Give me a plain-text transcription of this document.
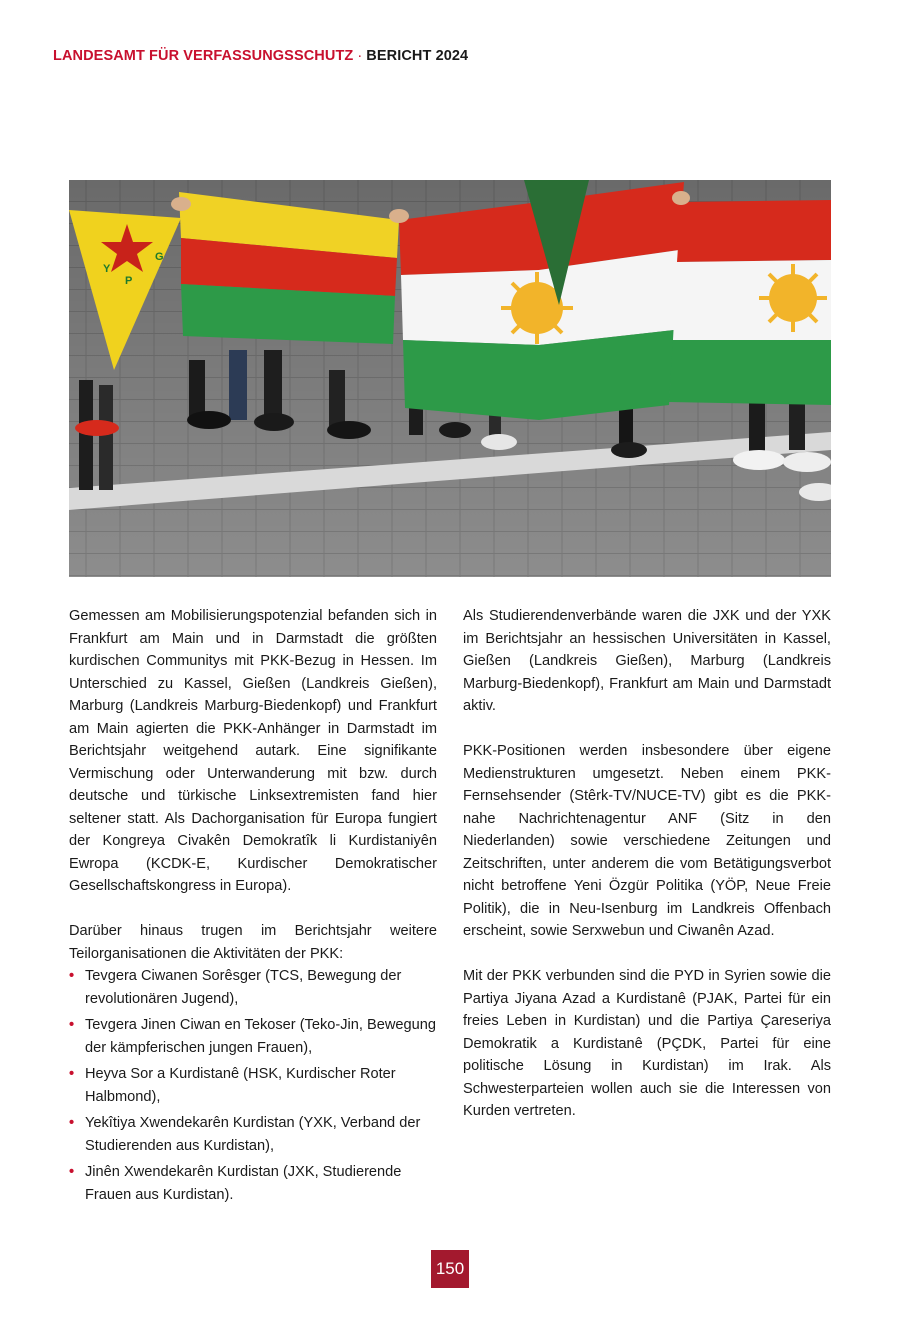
LANDESAMT FÜR VERFASSUNGSSCHUTZ · BERICHT 2024
Y
P
G

Gemessen am Mobilisierungspotenzial befanden sich in Frankfurt am Main und in Darmstadt die größten kurdischen Communitys mit PKK-Bezug in Hessen. Im Unterschied zu Kassel, Gießen (Landkreis Gießen), Marburg (Landkreis Marburg-Biedenkopf) und Frankfurt am Main agierten die PKK-Anhänger in Darmstadt im Berichtsjahr weitgehend autark. Eine signifikante Vermischung oder Unterwanderung mit bzw. durch deutsche und türkische Linksextremisten fand hier seltener statt. Als Dachorganisation für Europa fungiert der Kongreya Civakên Demokratîk li Kurdistaniyên Ewropa (KCDK-E, Kurdischer Demokratischer Gesellschaftskongress in Europa).

Darüber hinaus trugen im Berichtsjahr weitere Teilorganisationen die Aktivitäten der PKK:

• Tevgera Ciwanen Sorêsger (TCS, Bewegung der revolutionären Jugend),
• Tevgera Jinen Ciwan en Tekoser (Teko-Jin, Bewegung der kämpferischen jungen Frauen),
• Heyva Sor a Kurdistanê (HSK, Kurdischer Roter Halbmond),
• Yekîtiya Xwendekarên Kurdistan (YXK, Verband der Studierenden aus Kurdistan),
• Jinên Xwendekarên Kurdistan (JXK, Studierende Frauen aus Kurdistan).

Als Studierendenverbände waren die JXK und der YXK im Berichtsjahr an hessischen Universitäten in Kassel, Gießen (Landkreis Gießen), Marburg (Landkreis Marburg-Biedenkopf), Frankfurt am Main und Darmstadt aktiv.

PKK-Positionen werden insbesondere über eigene Medienstrukturen umgesetzt. Neben einem PKK-Fernsehsender (Stêrk-TV/NUCE-TV) gibt es die PKK-nahe Nachrichtenagentur ANF (Sitz in den Niederlanden) sowie verschiedene Zeitungen und Zeitschriften, unter anderem die vom Betätigungsverbot nicht betroffene Yeni Özgür Politika (YÖP, Neue Freie Politik), die in Neu-Isenburg im Landkreis Offenbach erscheint, sowie Serxwebun und Ciwanên Azad.

Mit der PKK verbunden sind die PYD in Syrien sowie die Partiya Jiyana Azad a Kurdistanê (PJAK, Partei für ein freies Leben in Kurdistan) und die Partiya Çareseriya Demokratik a Kurdistanê (PÇDK, Partei für eine politische Lösung in Kurdistan) im Irak. Als Schwesterparteien wollen auch sie die Interessen von Kurden vertreten.

150
